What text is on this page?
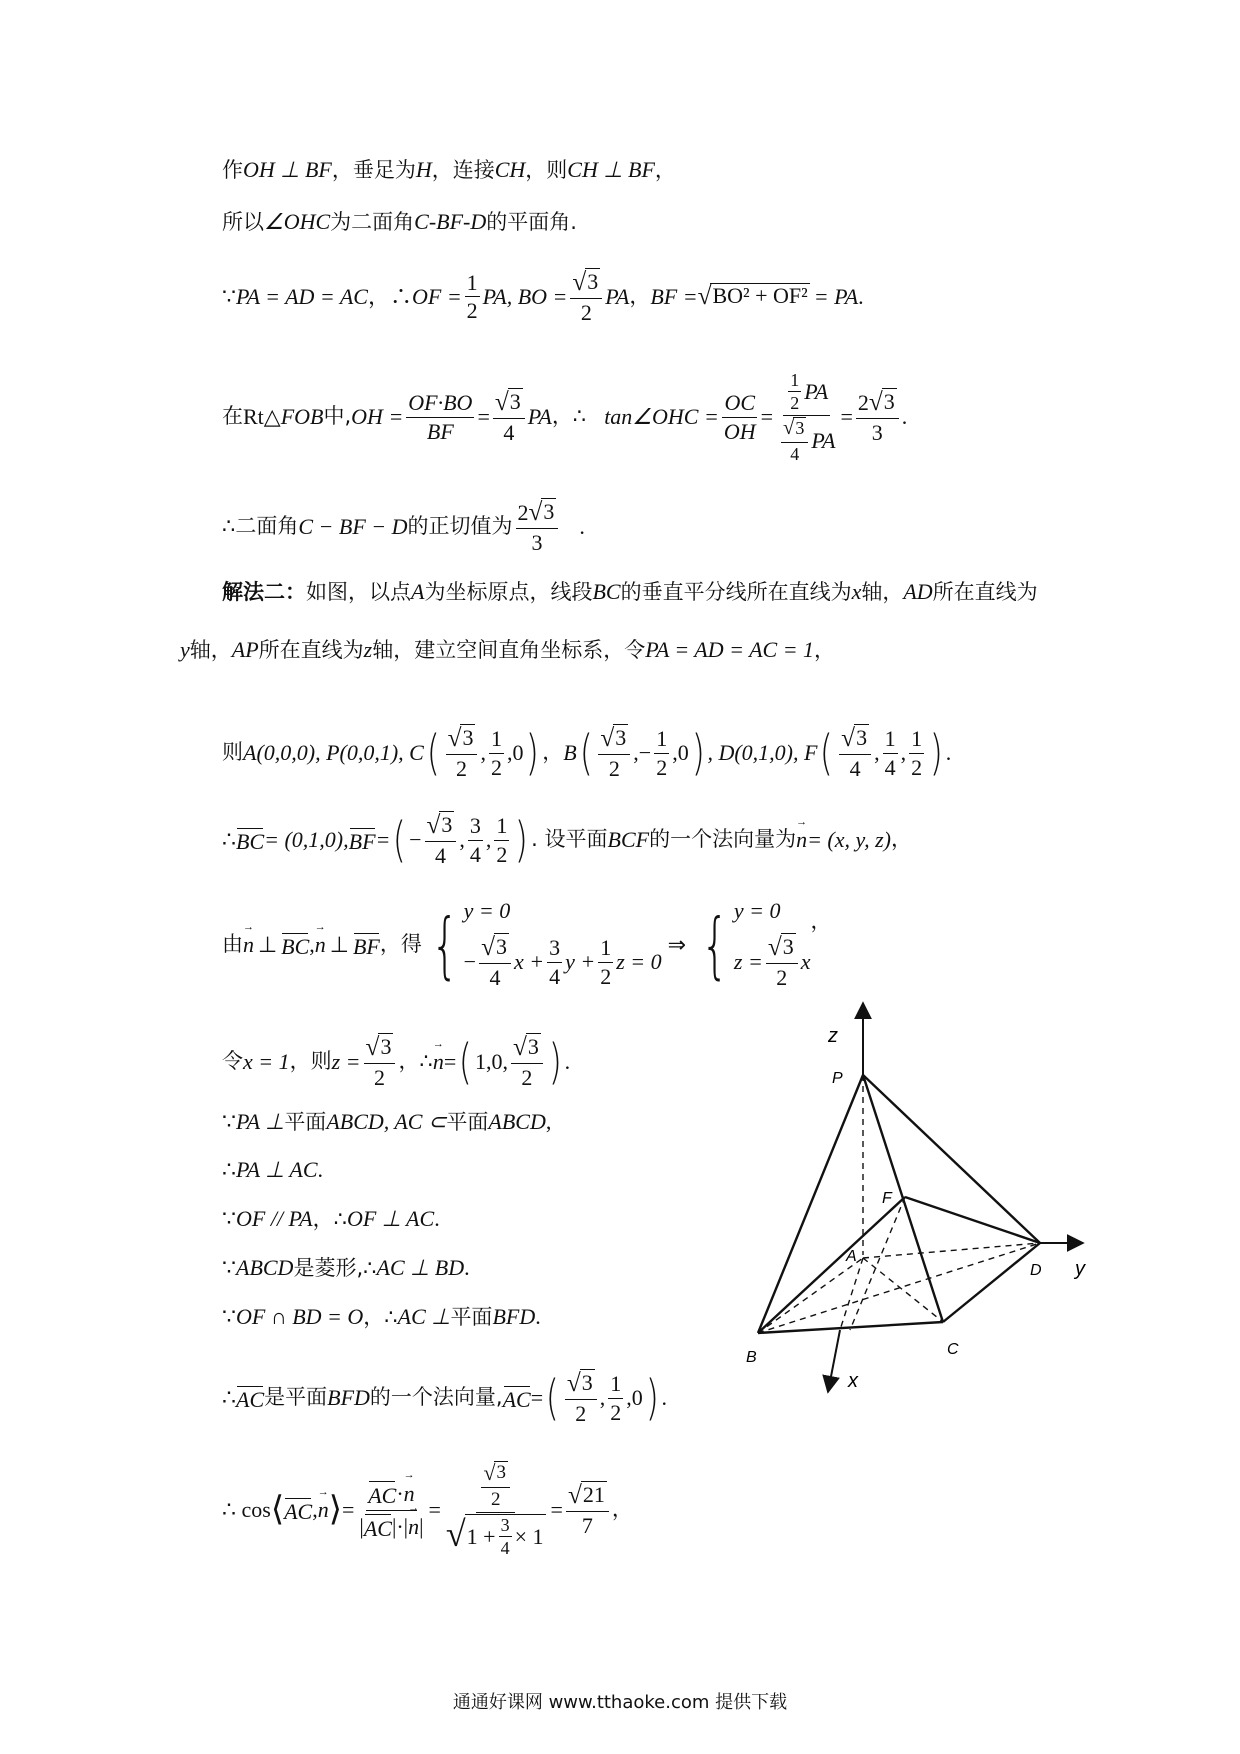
作 OH ⊥ BF ，垂足为 H ，连接 CH ，则 CH ⊥ BF ，
所以 ∠OHC 为二面角 C-BF-D 的平面角.
∵ PA = AD = AC ，∴ OF = $\frac{1}{2}$ PA, BO = $\frac{√ 3}{2}$ PA ， BF = √ BO² + OF² = PA .
在 Rt△ FOB 中, OH = $\frac{OF\cdot BO}{BF} = \frac{√ 3}{4}$ PA ，∴ tan∠OHC = $\frac{OC}{OH} = \frac{\frac{1}{2} PA}{\frac{√ 3}{4} PA} = \frac{2 √ 3}{3}$ .
∴二面角 C − BF − D 的正切值为 $\frac{2 √ 3}{3}$ .
解法二： 如图，以点 A 为坐标原点，线段 BC 的垂直平分线所在直线为 x 轴， AD 所在直线为
y 轴， AP 所在直线为 z 轴，建立空间直角坐标系，令 PA = AD = AC = 1 ，
则 A(0,0,0), P(0,0,1), C ( $\frac{√ 3}{2}$ , $\frac{1}{2} ,0$ ) ， B ( $\frac{√ 3}{2}$ ,− $\frac{1}{2} ,0$ ) , D(0,1,0), F ( $\frac{√ 3}{4}$ , $\frac{1}{4}$ , $\frac{1}{2}$ ) .
∴ BC = (0,1,0), BF = ( − $\frac{√ 3}{4}$ , $\frac{3}{4}$ , $\frac{1}{2}$ ) . 设平面 BCF 的一个法向量为
→ n = (x, y, z) ，
由
→ n ⊥ BC ,
→ n ⊥ BF ，得 { y = 0
− $\frac{√ 3}{4}$ $x + \frac{3}{4}$ $y + \frac{1}{2}$ z = 0
⇒ { y = 0
$z = \frac{√ 3}{2}$ x
，
令 x = 1 ，则 $z = \frac{√ 3}{2}$ ，∴
→ n = ( 1,0, $\frac{√ 3}{2}$ ) .
∵ PA ⊥ 平面 ABCD, AC ⊂ 平面 ABCD ,
∴ PA ⊥ AC .
∵ OF // PA ，∴ OF ⊥ AC .
∵ ABCD 是菱形,∴ AC ⊥ BD .
∵ OF ∩ BD = O ，∴ AC ⊥ 平面 BFD .
∴ AC 是平面 BFD 的一个法向量, AC = ( $\frac{√ 3}{2}$ , $\frac{1}{2} ,0$ ) .
∴ cos ⟨ AC ,
→ n ⟩ = AC ·
→ n
| AC |·|
→ n | = $\frac{\frac{√ 3}{2}}{√ 1 + \frac{3}{4} \times 1} = \frac{√ 21}{7}$ ，
z
P
F
A
D y
B	C
x
通通好课网 www.tthaoke.com 提供下载
